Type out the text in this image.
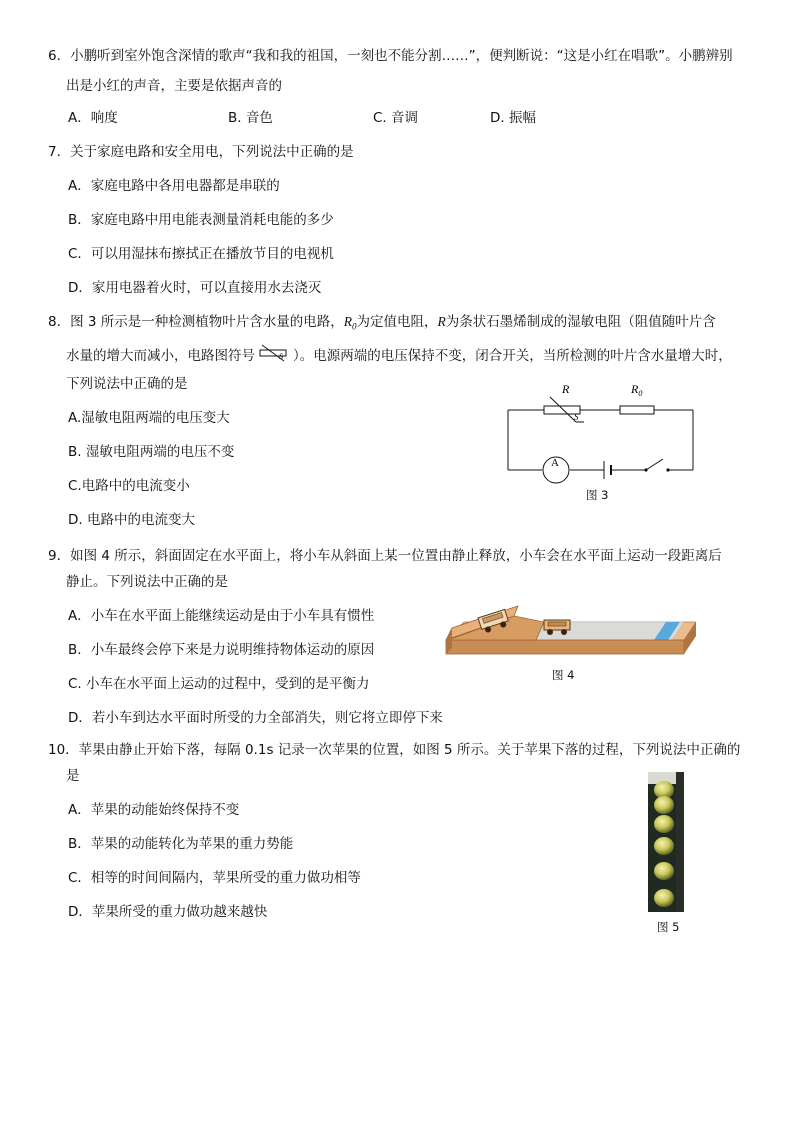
6．小鹏听到室外饱含深情的歌声“我和我的祖国，一刻也不能分割……”，便判断说：“这是小红在唱歌”。小鹏辨别
出是小红的声音，主要是依据声音的
A．响度	B. 音色	C. 音调	D. 振幅
7．关于家庭电路和安全用电，下列说法中正确的是
A．家庭电路中各用电器都是串联的
B．家庭电路中用电能表测量消耗电能的多少
C．可以用湿抹布擦拭正在播放节目的电视机
D．家用电器着火时，可以直接用水去浇灭
8．图 3 所示是一种检测植物叶片含水量的电路，$R_0$为定值电阻，R为条状石墨烯制成的湿敏电阻（阻值随叶片含
水量的增大而减小，电路图符号	S ）。电源两端的电压保持不变，闭合开关，当所检测的叶片含水量增大时，
下列说法中正确的是
A.湿敏电阻两端的电压变大
B. 湿敏电阻两端的电压不变
C.电路中的电流变小
D. 电路中的电流变大
R
S
$R_0$
A
图 3
9．如图 4 所示，斜面固定在水平面上，将小车从斜面上某一位置由静止释放，小车会在水平面上运动一段距离后
静止。下列说法中正确的是
A．小车在水平面上能继续运动是由于小车具有惯性
B．小车最终会停下来是力说明维持物体运动的原因
C. 小车在水平面上运动的过程中，受到的是平衡力
D．若小车到达水平面时所受的力全部消失，则它将立即停下来
图 4
10．苹果由静止开始下落，每隔 0.1s 记录一次苹果的位置，如图 5 所示。关于苹果下落的过程，下列说法中正确的
是
A．苹果的动能始终保持不变
B．苹果的动能转化为苹果的重力势能
C．相等的时间间隔内，苹果所受的重力做功相等
D．苹果所受的重力做功越来越快
图 5
